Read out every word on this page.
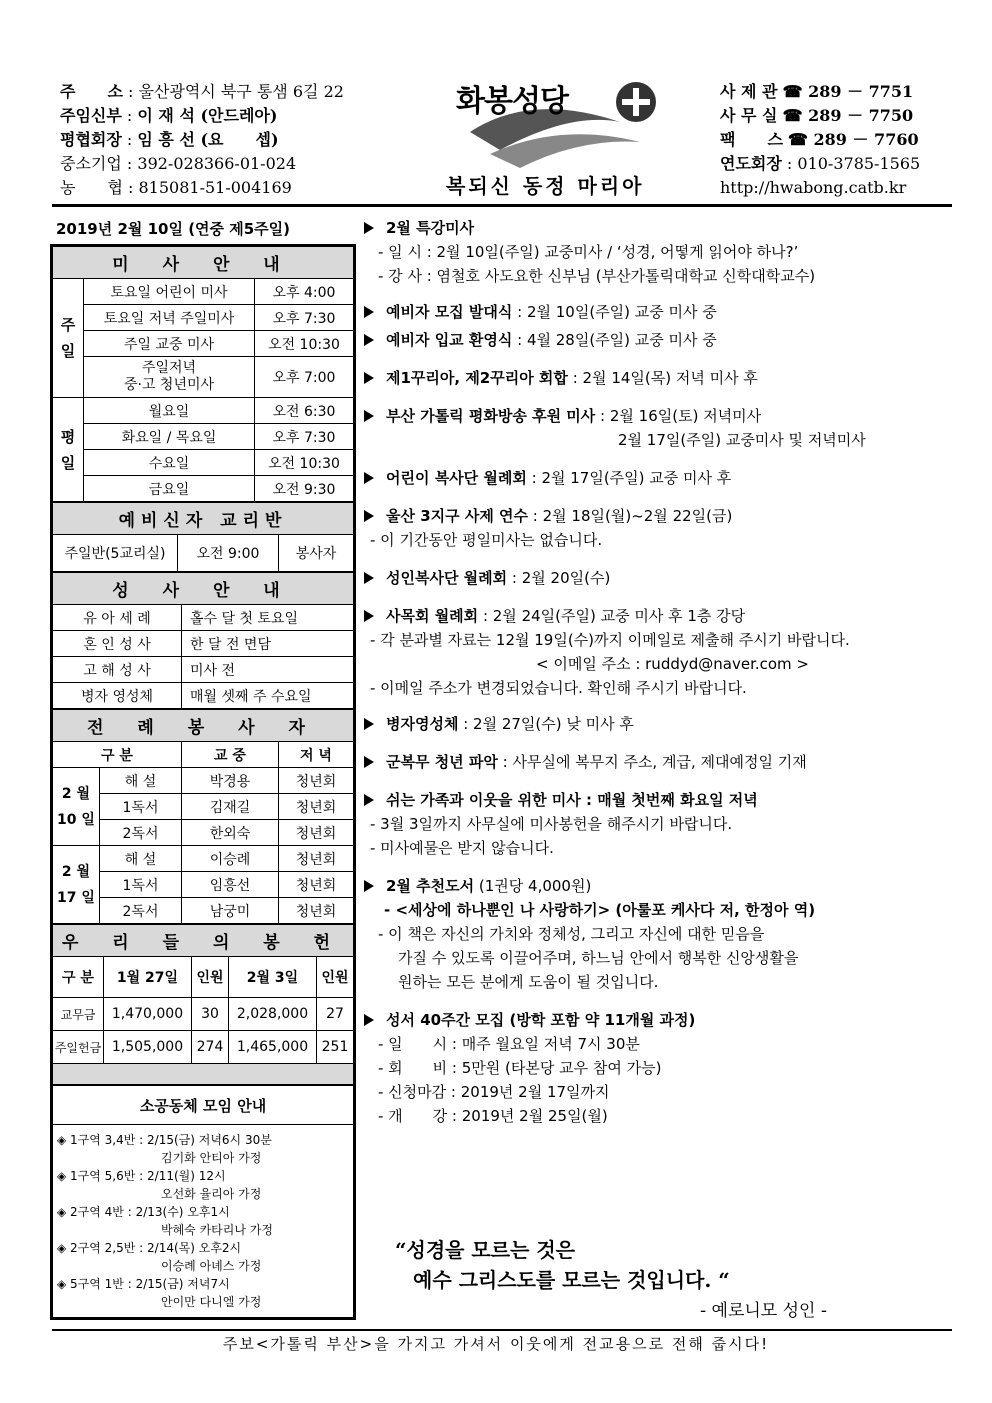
주　　소 : 울산광역시 북구 통샘 6길 22
주임신부 : 이 재 석 (안드레아)
평협회장 : 임 흥 선 (요　　셉)
중소기업 : 392-028366-01-024
농　　협 : 815081-51-004169
화봉성당
복되신 동정 마리아
사 제 관 ☎ 289 － 7751
사 무 실 ☎ 289 － 7750
팩　　스 ☎ 289 － 7760
연도회장 : 010-3785-1565
http://hwabong.catb.kr
2019년 2월 10일 (연중 제5주일)
미 사 안 내		
주
일	토요일 어린이 미사	오후 4:00
	토요일 저녁 주일미사	오후 7:30
	주일 교중 미사	오전 10:30
	주일저녁
중·고 청년미사	오후 7:00
평
일	월요일	오전 6:30
	화요일 / 목요일	오후 7:30
	수요일	오전 10:30
	금요일	오전 9:30
예비신자 교리반
주일반(5교리실)	오전 9:00	봉사자
성 사 안 내	
유 아 세 례	홀수 달 첫 토요일
혼 인 성 사	한 달 전 면담
고 해 성 사	미사 전
병자 영성체	매월 셋째 주 수요일
전 례 봉 사 자			
구 분		교 중	저 녁
2 월
10 일	해 설	박경용	청년회
	1독서	김재길	청년회
	2독서	한외숙	청년회
2 월
17 일	해 설	이승례	청년회
	1독서	임흥선	청년회
	2독서	남궁미	청년회
우 리 들 의 봉 헌				
구 분	1월 27일	인원	2월 3일	인원
교무금	1,470,000	30	2,028,000	27
주일헌금	1,505,000	274	1,465,000	251

소공동체 모임 안내

◈ 1구역 3,4반 : 2/15(금) 저녁6시 30분
김기화 안티아 가정
◈ 1구역 5,6반 : 2/11(월) 12시
오선화 율리아 가정
◈ 2구역 4반 : 2/13(수) 오후1시
박혜숙 카타리나 가정
◈ 2구역 2,5반 : 2/14(목) 오후2시
이승례 아녜스 가정
◈ 5구역 1반 : 2/15(금) 저녁7시
안이만 다니엘 가정
2월 특강미사
- 일 시 : 2월 10일(주일) 교중미사 / ‘성경, 어떻게 읽어야 하나?’
- 강 사 : 염철호 사도요한 신부님 (부산가톨릭대학교 신학대학교수)
예비자 모집 발대식 : 2월 10일(주일) 교중 미사 중
예비자 입교 환영식 : 4월 28일(주일) 교중 미사 중
제1꾸리아, 제2꾸리아 회합 : 2월 14일(목) 저녁 미사 후
부산 가톨릭 평화방송 후원 미사 : 2월 16일(토) 저녁미사
2월 17일(주일) 교중미사 및 저녁미사
어린이 복사단 월례회 : 2월 17일(주일) 교중 미사 후
울산 3지구 사제 연수 : 2월 18일(월)~2월 22일(금)
- 이 기간동안 평일미사는 없습니다.
성인복사단 월례회 : 2월 20일(수)
사목회 월례회 : 2월 24일(주일) 교중 미사 후 1층 강당
- 각 분과별 자료는 12월 19일(수)까지 이메일로 제출해 주시기 바랍니다.
< 이메일 주소 : ruddyd@naver.com >
- 이메일 주소가 변경되었습니다. 확인해 주시기 바랍니다.
병자영성체 : 2월 27일(수) 낮 미사 후
군복무 청년 파악 : 사무실에 복무지 주소, 계급, 제대예정일 기재
쉬는 가족과 이웃을 위한 미사 : 매월 첫번째 화요일 저녁
- 3월 3일까지 사무실에 미사봉헌을 해주시기 바랍니다.
- 미사예물은 받지 않습니다.
2월 추천도서 (1권당 4,000원)
- <세상에 하나뿐인 나 사랑하기> (아룰포 케사다 저, 한정아 역)
- 이 책은 자신의 가치와 정체성, 그리고 자신에 대한 믿음을
가질 수 있도록 이끌어주며, 하느님 안에서 행복한 신앙생활을
원하는 모든 분에게 도움이 될 것입니다.
성서 40주간 모집 (방학 포함 약 11개월 과정)
- 일　　시 : 매주 월요일 저녁 7시 30분
- 회　　비 : 5만원 (타본당 교우 참여 가능)
- 신청마감 : 2019년 2월 17일까지
- 개　　강 : 2019년 2월 25일(월)
“성경을 모르는 것은
예수 그리스도를 모르는 것입니다. “
- 예로니모 성인 -
주보<가톨릭 부산>을 가지고 가셔서 이웃에게 전교용으로 전해 줍시다!
